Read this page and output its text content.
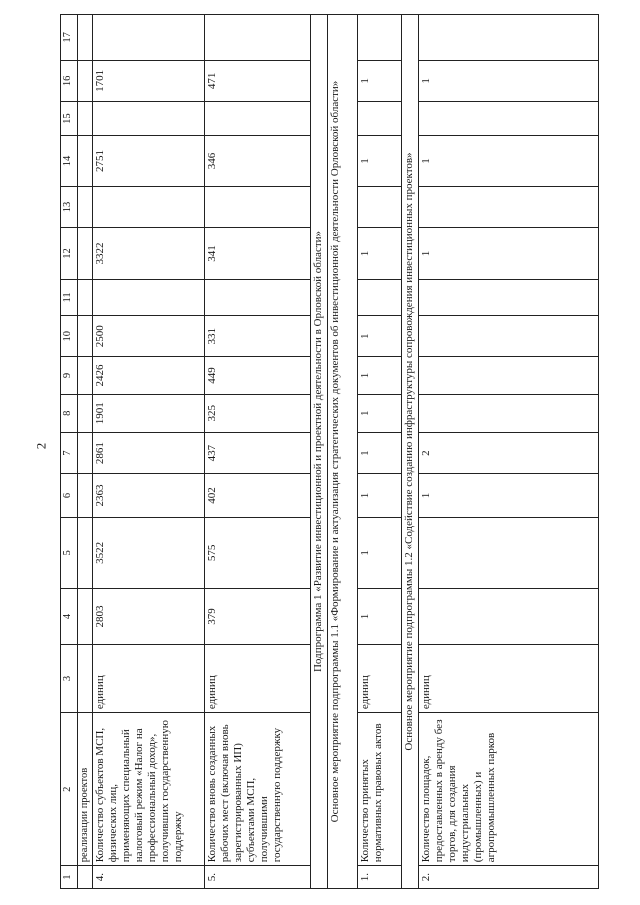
2
1	2	3	4	5	6	7	8	9	10	11	12	13	14	15	16	17
	реализации проектов															
4.	Количество субъектов МСП, физических лиц, применяющих специальный налоговый режим «Налог на профессиональный доход», получивших государственную поддержку	единиц	2803	3522	2363	2861	1901	2426	2500		3322		2751		1701	
5.	Количество вновь созданных рабочих мест (включая вновь зарегистрированных ИП) субъектами МСП, получившими государственную поддержку	единиц	379	575	402	437	325	449	331		341		346		471	
Подпрограмма 1 «Развитие инвестиционной и проектной деятельности в Орловской области»																
Основное мероприятие подпрограммы 1.1 «Формирование и актуализация стратегических документов об инвестиционной деятельности Орловской области»																
1.	Количество принятых нормативных правовых актов	единиц	1	1	1	1	1	1	1		1		1		1	
Основное мероприятие подпрограммы 1.2 «Содействие созданию инфраструктуры сопровождения инвестиционных проектов»																
2.	Количество площадок, предоставленных в аренду без торгов, для создания индустриальных (промышленных) и агропромышленных парков	единиц			1	2					1		1		1	
